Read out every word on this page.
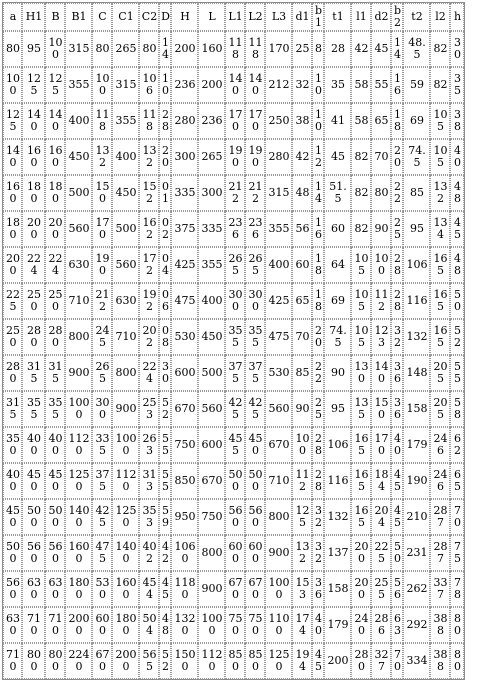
a	H1	B	B1	C	C1	C2	D	H	L	L1	L2	L3	d1	b1	t1	l1	d2	b2	t2	l2	h
80	95	100	315	80	265	80	14	200	160	118	118	170	25	8	28	42	45	14	48.5	82	30
100	125	125	355	100	315	106	10	236	200	140	140	212	32	10	35	58	55	16	59	82	35
125	140	140	400	118	355	118	28	280	236	170	170	250	38	10	41	58	65	18	69	105	38
140	160	160	450	132	400	132	20	300	265	190	190	280	42	12	45	82	70	20	74.5	105	40
160	180	180	500	150	450	152	01	335	300	212	212	315	48	14	51.5	82	80	22	85	132	48
180	200	200	560	170	500	162	02	375	335	236	236	355	56	16	60	82	90	25	95	134	45
200	224	224	630	190	560	172	04	425	355	265	265	400	60	18	64	105	100	28	106	165	48
225	250	250	710	212	630	192	06	475	400	300	300	425	65	18	69	105	112	28	116	165	50
250	280	280	800	245	710	202	08	530	450	355	355	475	70	20	74.5	105	123	32	132	165	52
280	315	315	900	265	800	224	30	600	500	375	375	530	85	22	90	130	140	36	148	205	55
315	355	355	1000	300	900	253	52	670	560	425	425	560	90	25	95	135	150	36	158	205	58
350	400	400	1120	335	1000	263	55	750	600	455	450	670	100	28	106	165	170	40	179	246	62
400	450	450	1250	375	1120	313	55	850	670	500	500	710	112	28	116	165	184	45	190	246	65
450	500	500	1400	425	1250	353	59	950	750	560	560	800	125	32	132	165	204	45	210	287	70
500	560	560	1600	475	1400	402	42	1060	800	600	600	900	132	32	137	200	225	50	231	287	75
560	630	630	1800	530	1600	454	45	1180	900	670	670	1000	153	36	158	200	255	56	262	337	78
630	710	710	2000	600	1800	504	48	1320	1000	750	750	1100	174	40	179	240	286	63	292	388	80
710	800	800	2240	670	2000	565	52	1500	1120	850	850	1250	194	45	200	280	327	70	334	388	80
